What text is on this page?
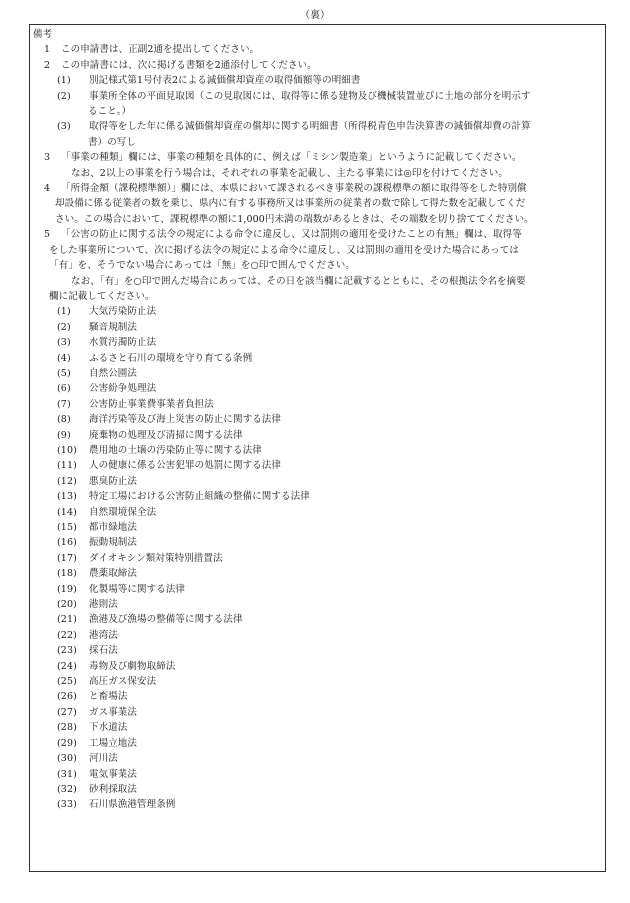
（裏）
備考
1 この申請書は、正副2通を提出してください。
2 この申請書には、次に掲げる書類を2通添付してください。
(1) 別記様式第1号付表2による減価償却資産の取得価額等の明細書
(2) 事業所全体の平面見取図（この見取図には、取得等に係る建物及び機械装置並びに土地の部分を明示す
ること。）
(3) 取得等をした年に係る減価償却資産の償却に関する明細書（所得税青色申告決算書の減価償却費の計算
書）の写し
3 「事業の種類」欄には、事業の種類を具体的に、例えば「ミシン製造業」というように記載してください。
なお、2以上の事業を行う場合は、それぞれの事業を記載し、主たる事業には◎印を付けてください。
4 「所得金額（課税標準額）」欄には、本県において課されるべき事業税の課税標準の額に取得等をした特別償
却設備に係る従業者の数を乗じ、県内に有する事務所又は事業所の従業者の数で除して得た数を記載してくだ
さい。この場合において、課税標準の額に1,000円未満の端数があるときは、その端数を切り捨ててください。
5 「公害の防止に関する法令の規定による命令に違反し、又は罰則の適用を受けたことの有無」欄は、取得等
をした事業所について、次に掲げる法令の規定による命令に違反し、又は罰則の適用を受けた場合にあっては
「有」を、そうでない場合にあっては「無」を○印で囲んでください。
なお、「有」を○印で囲んだ場合にあっては、その日を該当欄に記載するとともに、その根拠法令名を摘要
欄に記載してください。
(1) 大気汚染防止法
(2) 騒音規制法
(3) 水質汚濁防止法
(4) ふるさと石川の環境を守り育てる条例
(5) 自然公園法
(6) 公害紛争処理法
(7) 公害防止事業費事業者負担法
(8) 海洋汚染等及び海上災害の防止に関する法律
(9) 廃棄物の処理及び清掃に関する法律
(10) 農用地の土壌の汚染防止等に関する法律
(11) 人の健康に係る公害犯罪の処罰に関する法律
(12) 悪臭防止法
(13) 特定工場における公害防止組織の整備に関する法律
(14) 自然環境保全法
(15) 都市緑地法
(16) 振動規制法
(17) ダイオキシン類対策特別措置法
(18) 農薬取締法
(19) 化製場等に関する法律
(20) 港則法
(21) 漁港及び漁場の整備等に関する法律
(22) 港湾法
(23) 採石法
(24) 毒物及び劇物取締法
(25) 高圧ガス保安法
(26) と畜場法
(27) ガス事業法
(28) 下水道法
(29) 工場立地法
(30) 河川法
(31) 電気事業法
(32) 砂利採取法
(33) 石川県漁港管理条例
